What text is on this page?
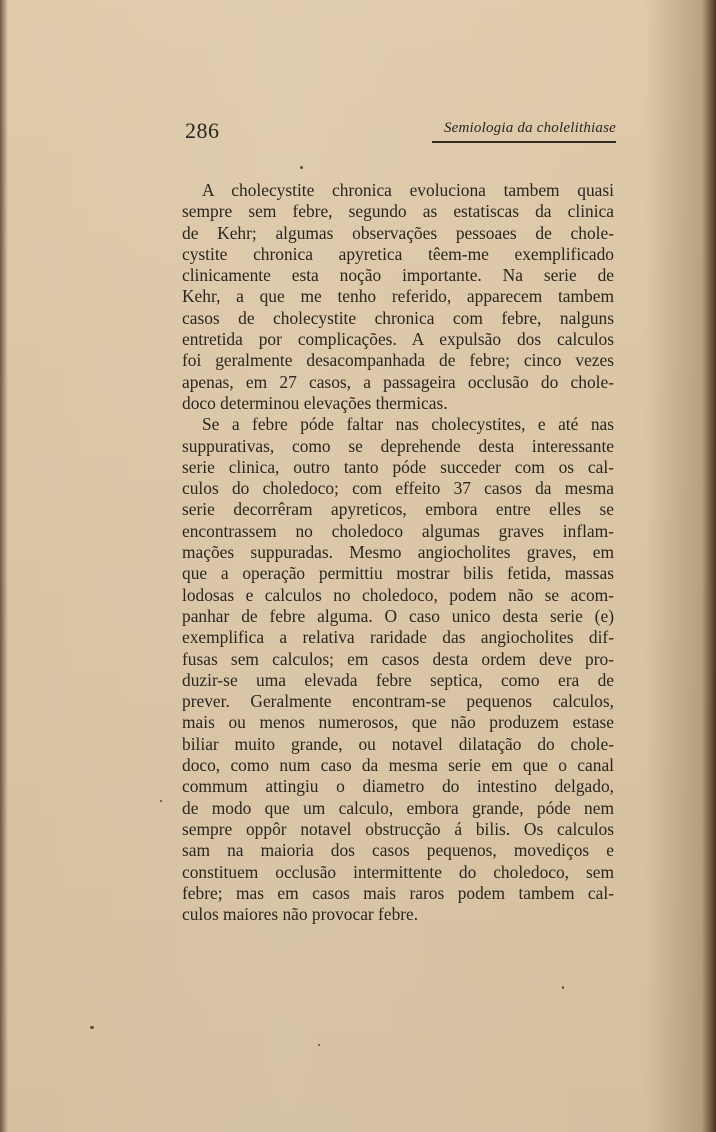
286	Semiologia da cholelithiase
A cholecystite chronica evoluciona tambem quasi
sempre sem febre, segundo as estatiscas da clinica
de Kehr; algumas observações pessoaes de chole-
cystite chronica apyretica têem-me exemplificado
clinicamente esta noção importante. Na serie de
Kehr, a que me tenho referido, apparecem tambem
casos de cholecystite chronica com febre, nalguns
entretida por complicações. A expulsão dos calculos
foi geralmente desacompanhada de febre; cinco vezes
apenas, em 27 casos, a passageira occlusão do chole-
doco determinou elevações thermicas.
Se a febre póde faltar nas cholecystites, e até nas
suppurativas, como se deprehende desta interessante
serie clinica, outro tanto póde succeder com os cal-
culos do choledoco; com effeito 37 casos da mesma
serie decorrêram apyreticos, embora entre elles se
encontrassem no choledoco algumas graves inflam-
mações suppuradas. Mesmo angiocholites graves, em
que a operação permittiu mostrar bilis fetida, massas
lodosas e calculos no choledoco, podem não se acom-
panhar de febre alguma. O caso unico desta serie (e)
exemplifica a relativa raridade das angiocholites dif-
fusas sem calculos; em casos desta ordem deve pro-
duzir-se uma elevada febre septica, como era de
prever. Geralmente encontram-se pequenos calculos,
mais ou menos numerosos, que não produzem estase
biliar muito grande, ou notavel dilatação do chole-
doco, como num caso da mesma serie em que o canal
commum attingiu o diametro do intestino delgado,
de modo que um calculo, embora grande, póde nem
sempre oppôr notavel obstrucção á bilis. Os calculos
sam na maioria dos casos pequenos, movediços e
constituem occlusão intermittente do choledoco, sem
febre; mas em casos mais raros podem tambem cal-
culos maiores não provocar febre.
